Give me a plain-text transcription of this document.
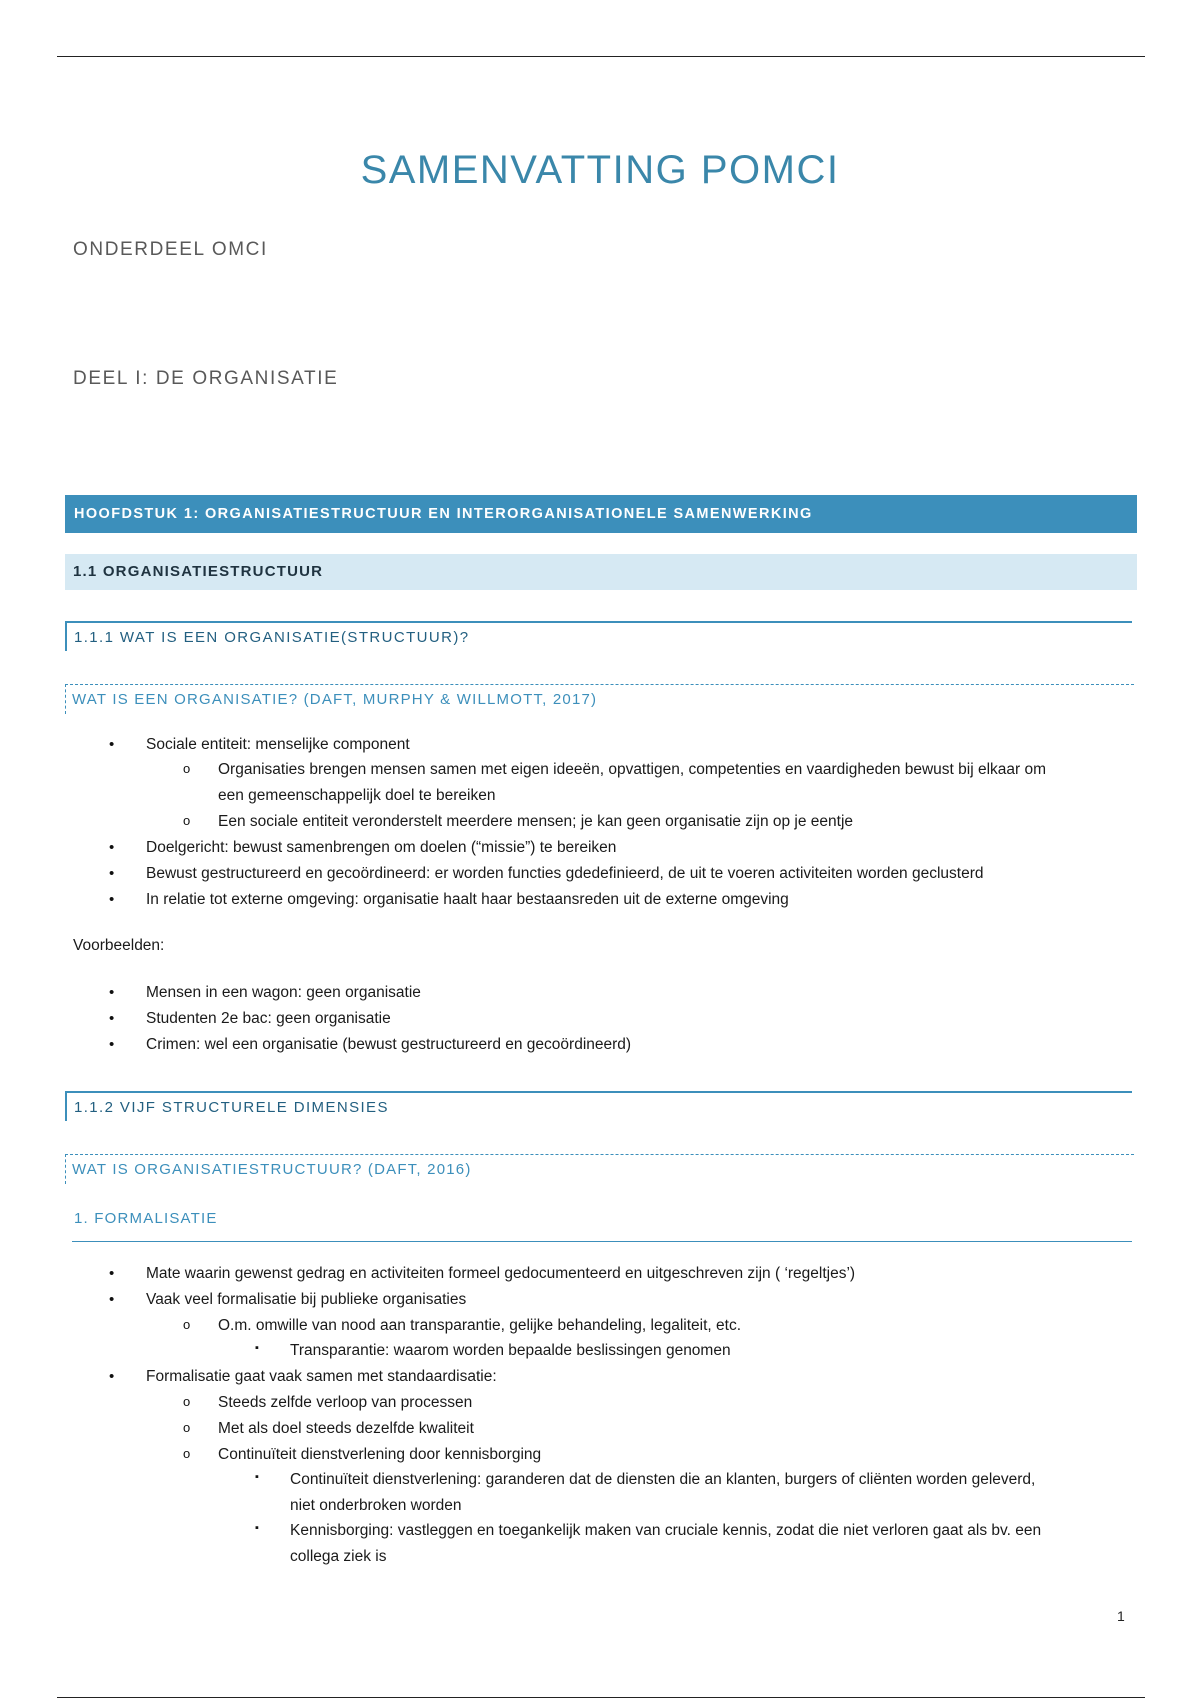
SAMENVATTING POMCI
ONDERDEEL OMCI
DEEL I: DE ORGANISATIE
HOOFDSTUK 1: ORGANISATIESTRUCTUUR EN INTERORGANISATIONELE SAMENWERKING
1.1 ORGANISATIESTRUCTUUR
1.1.1 WAT IS EEN ORGANISATIE(STRUCTUUR)?
WAT IS EEN ORGANISATIE? (DAFT, MURPHY & WILLMOTT, 2017)
• Sociale entiteit: menselijke component
o Organisaties brengen mensen samen met eigen ideeën, opvattigen, competenties en vaardigheden bewust bij elkaar om
een gemeenschappelijk doel te bereiken
o Een sociale entiteit veronderstelt meerdere mensen; je kan geen organisatie zijn op je eentje
• Doelgericht: bewust samenbrengen om doelen (“missie”) te bereiken
• Bewust gestructureerd en gecoördineerd: er worden functies gdedefinieerd, de uit te voeren activiteiten worden geclusterd
• In relatie tot externe omgeving: organisatie haalt haar bestaansreden uit de externe omgeving
Voorbeelden:
• Mensen in een wagon: geen organisatie
• Studenten 2e bac: geen organisatie
• Crimen: wel een organisatie (bewust gestructureerd en gecoördineerd)
1.1.2 VIJF STRUCTURELE DIMENSIES
WAT IS ORGANISATIESTRUCTUUR? (DAFT, 2016)
1. FORMALISATIE
• Mate waarin gewenst gedrag en activiteiten formeel gedocumenteerd en uitgeschreven zijn ( ‘regeltjes’)
• Vaak veel formalisatie bij publieke organisaties
o O.m. omwille van nood aan transparantie, gelijke behandeling, legaliteit, etc.
▪ Transparantie: waarom worden bepaalde beslissingen genomen
• Formalisatie gaat vaak samen met standaardisatie:
o Steeds zelfde verloop van processen
o Met als doel steeds dezelfde kwaliteit
o Continuïteit dienstverlening door kennisborging
▪ Continuïteit dienstverlening: garanderen dat de diensten die an klanten, burgers of cliënten worden geleverd,
niet onderbroken worden
▪ Kennisborging: vastleggen en toegankelijk maken van cruciale kennis, zodat die niet verloren gaat als bv. een
collega ziek is
1
